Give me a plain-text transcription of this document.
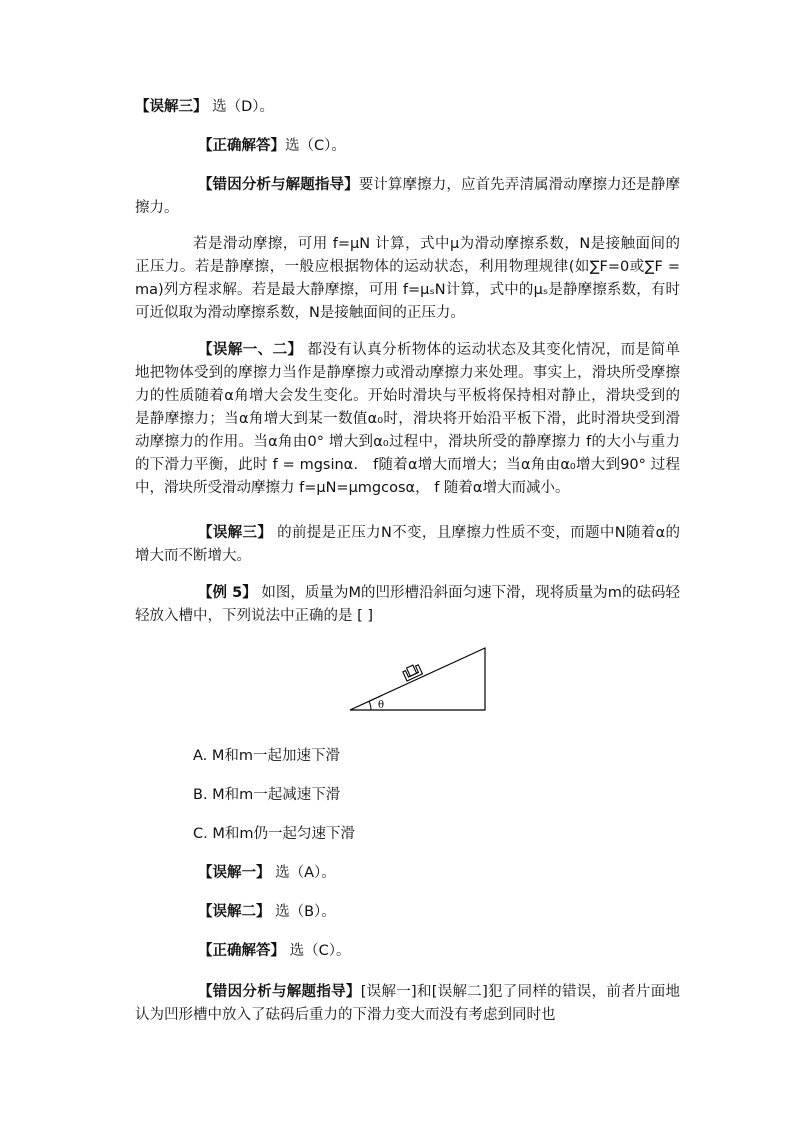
【误解三】 选（D）。
【正确解答】选（C）。
【错因分析与解题指导】要计算摩擦力，应首先弄清属滑动摩擦力还是静摩擦力。
若是滑动摩擦，可用 f=μN 计算，式中μ为滑动摩擦系数，N是接触面间的正压力。若是静摩擦，一般应根据物体的运动状态，利用物理规律(如∑F=0或∑F = ma)列方程求解。若是最大静摩擦，可用 f=μₛN计算，式中的μₛ是静摩擦系数，有时可近似取为滑动摩擦系数，N是接触面间的正压力。
【误解一、二】 都没有认真分析物体的运动状态及其变化情况，而是简单地把物体受到的摩擦力当作是静摩擦力或滑动摩擦力来处理。事实上，滑块所受摩擦力的性质随着α角增大会发生变化。开始时滑块与平板将保持相对静止，滑块受到的是静摩擦力；当α角增大到某一数值α₀时，滑块将开始沿平板下滑，此时滑块受到滑动摩擦力的作用。当α角由0° 增大到α₀过程中，滑块所受的静摩擦力 f的大小与重力的下滑力平衡，此时 f = mgsinα． f随着α增大而增大；当α角由α₀增大到90° 过程中，滑块所受滑动摩擦力 f=μN=μmgcosα， f 随着α增大而减小。
【误解三】 的前提是正压力N不变，且摩擦力性质不变，而题中N随着α的增大而不断增大。
【例 5】 如图，质量为M的凹形槽沿斜面匀速下滑，现将质量为m的砝码轻轻放入槽中，下列说法中正确的是 [ ]
θ
A. M和m一起加速下滑
B. M和m一起减速下滑
C. M和m仍一起匀速下滑
【误解一】 选（A）。
【误解二】 选（B）。
【正确解答】 选（C）。
【错因分析与解题指导】[误解一]和[误解二]犯了同样的错误，前者片面地认为凹形槽中放入了砝码后重力的下滑力变大而没有考虑到同时也
